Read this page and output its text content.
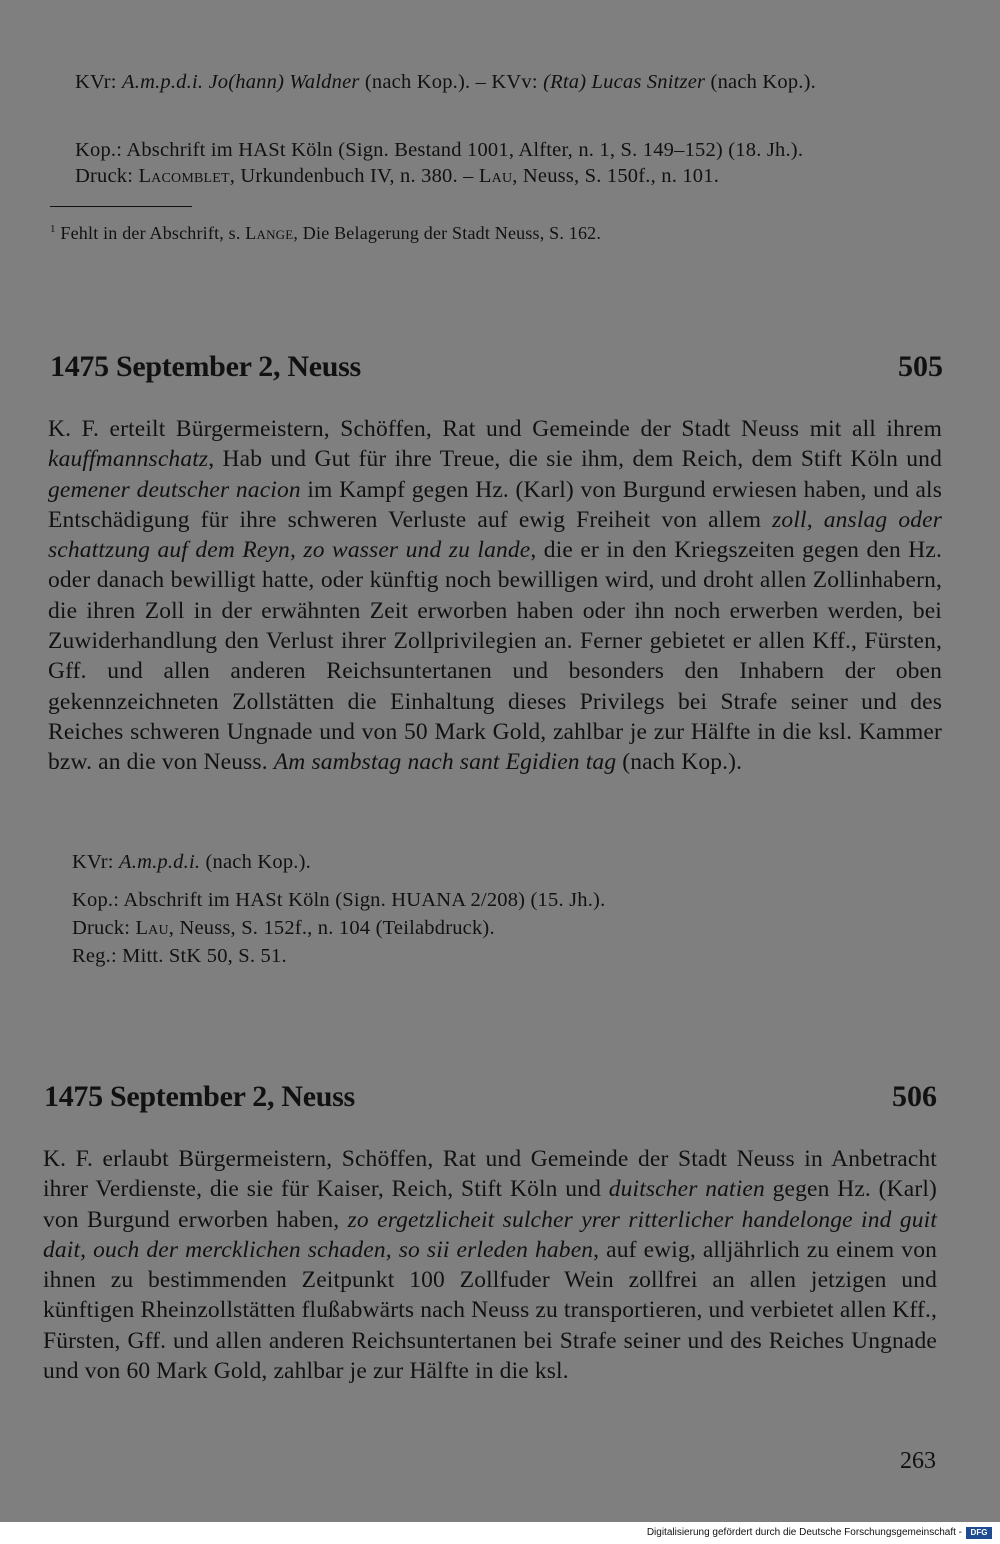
KVr: A.m.p.d.i. Jo(hann) Waldner (nach Kop.). – KVv: (Rta) Lucas Snitzer (nach Kop.).

Kop.: Abschrift im HASt Köln (Sign. Bestand 1001, Alfter, n. 1, S. 149–152) (18. Jh.).

Druck: Lacomblet, Urkundenbuch IV, n. 380. – Lau, Neuss, S. 150f., n. 101.

$^1$ Fehlt in der Abschrift, s. Lange, Die Belagerung der Stadt Neuss, S. 162.

1475 September 2, Neuss	505

K. F. erteilt Bürgermeistern, Schöffen, Rat und Gemeinde der Stadt Neuss mit all ihrem kauffmannschatz, Hab und Gut für ihre Treue, die sie ihm, dem Reich, dem Stift Köln und gemener deutscher nacion im Kampf gegen Hz. (Karl) von Burgund erwiesen haben, und als Entschädigung für ihre schweren Verluste auf ewig Freiheit von allem zoll, anslag oder schattzung auf dem Reyn, zo wasser und zu lande, die er in den Kriegszeiten gegen den Hz. oder danach bewilligt hatte, oder künftig noch bewilligen wird, und droht allen Zollinhabern, die ihren Zoll in der erwähnten Zeit erworben haben oder ihn noch erwerben werden, bei Zuwiderhandlung den Verlust ihrer Zollprivilegien an. Ferner gebietet er allen Kff., Fürsten, Gff. und allen anderen Reichsuntertanen und besonders den Inhabern der oben gekennzeichneten Zollstätten die Einhaltung dieses Privilegs bei Strafe seiner und des Reiches schweren Ungnade und von 50 Mark Gold, zahlbar je zur Hälfte in die ksl. Kammer bzw. an die von Neuss. Am sambstag nach sant Egidien tag (nach Kop.).

KVr: A.m.p.d.i. (nach Kop.).

Kop.: Abschrift im HASt Köln (Sign. HUANA 2/208) (15. Jh.).

Druck: Lau, Neuss, S. 152f., n. 104 (Teilabdruck).

Reg.: Mitt. StK 50, S. 51.

1475 September 2, Neuss	506

K. F. erlaubt Bürgermeistern, Schöffen, Rat und Gemeinde der Stadt Neuss in Anbetracht ihrer Verdienste, die sie für Kaiser, Reich, Stift Köln und duitscher natien gegen Hz. (Karl) von Burgund erworben haben, zo ergetzlicheit sulcher yrer ritterlicher handelonge ind guit dait, ouch der mercklichen schaden, so sii erleden haben, auf ewig, alljährlich zu einem von ihnen zu bestimmenden Zeitpunkt 100 Zollfuder Wein zollfrei an allen jetzigen und künftigen Rheinzollstätten flußabwärts nach Neuss zu transportieren, und verbietet allen Kff., Fürsten, Gff. und allen anderen Reichsuntertanen bei Strafe seiner und des Reiches Ungnade und von 60 Mark Gold, zahlbar je zur Hälfte in die ksl.

263
Digitalisierung gefördert durch die Deutsche Forschungsgemeinschaft -	DFG
